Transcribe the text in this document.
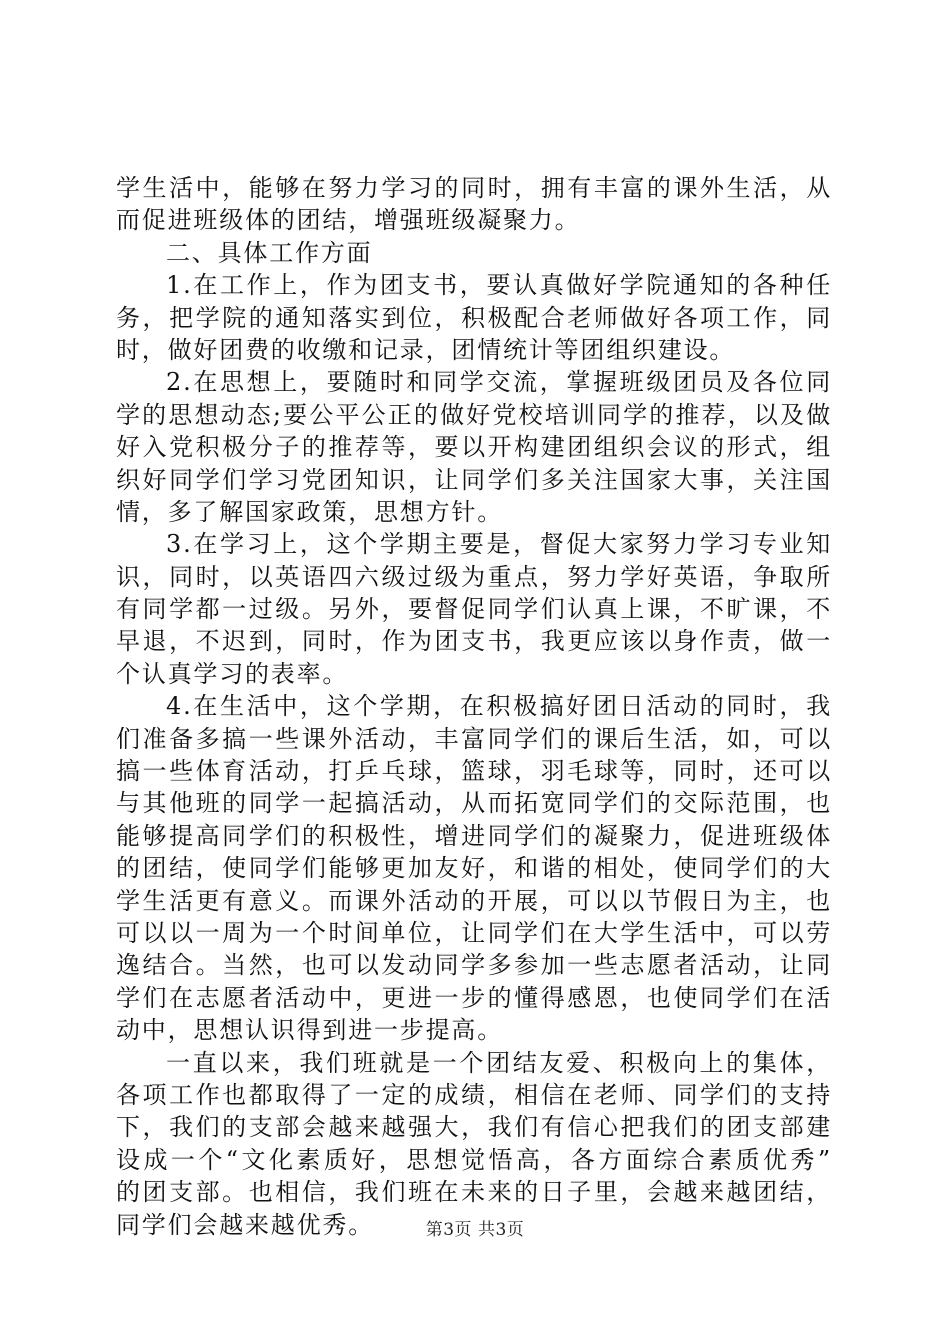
学生活中，能够在努力学习的同时，拥有丰富的课外生活，从
而促进班级体的团结，增强班级凝聚力。
二、具体工作方面
1.在工作上，作为团支书，要认真做好学院通知的各种任
务，把学院的通知落实到位，积极配合老师做好各项工作，同
时，做好团费的收缴和记录，团情统计等团组织建设。
2.在思想上，要随时和同学交流，掌握班级团员及各位同
学的思想动态;要公平公正的做好党校培训同学的推荐，以及做
好入党积极分子的推荐等，要以开构建团组织会议的形式，组
织好同学们学习党团知识，让同学们多关注国家大事，关注国
情，多了解国家政策，思想方针。
3.在学习上，这个学期主要是，督促大家努力学习专业知
识，同时，以英语四六级过级为重点，努力学好英语，争取所
有同学都一过级。另外，要督促同学们认真上课，不旷课，不
早退，不迟到，同时，作为团支书，我更应该以身作责，做一
个认真学习的表率。
4.在生活中，这个学期，在积极搞好团日活动的同时，我
们准备多搞一些课外活动，丰富同学们的课后生活，如，可以
搞一些体育活动，打乒乓球，篮球，羽毛球等，同时，还可以
与其他班的同学一起搞活动，从而拓宽同学们的交际范围，也
能够提高同学们的积极性，增进同学们的凝聚力，促进班级体
的团结，使同学们能够更加友好，和谐的相处，使同学们的大
学生活更有意义。而课外活动的开展，可以以节假日为主，也
可以以一周为一个时间单位，让同学们在大学生活中，可以劳
逸结合。当然，也可以发动同学多参加一些志愿者活动，让同
学们在志愿者活动中，更进一步的懂得感恩，也使同学们在活
动中，思想认识得到进一步提高。
一直以来，我们班就是一个团结友爱、积极向上的集体，
各项工作也都取得了一定的成绩，相信在老师、同学们的支持
下，我们的支部会越来越强大，我们有信心把我们的团支部建
设成一个“文化素质好，思想觉悟高，各方面综合素质优秀”
的团支部。也相信，我们班在未来的日子里，会越来越团结，
同学们会越来越优秀。	第3页 共3页
